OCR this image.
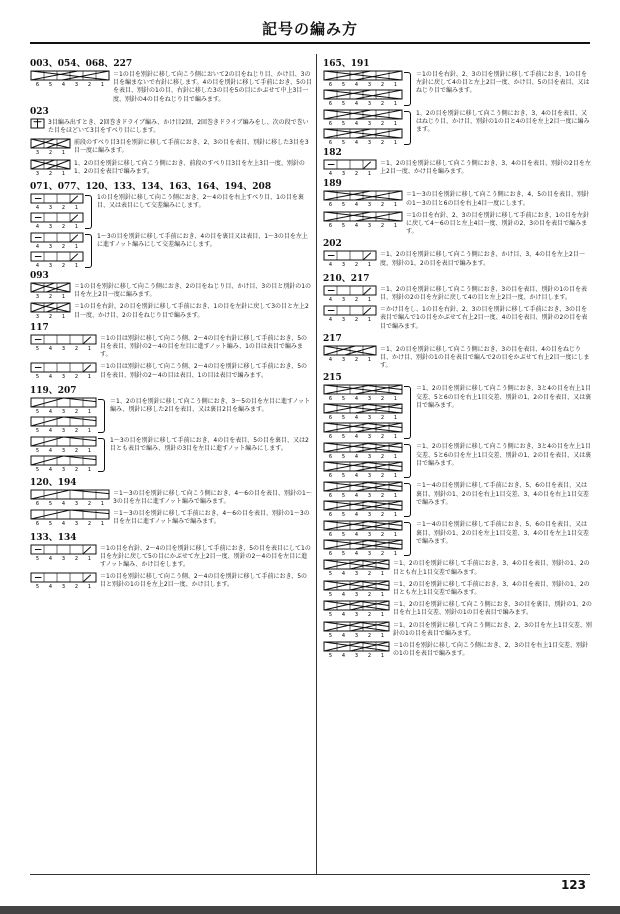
記号の編み方
003、054、068、227
6 5 4 3 2 1
＝1の目を別針に移して向こう側において2の目をねじり目、かけ目、3の目を編まないで右針に移します。4の目を別針に移して手前におき、5の目を表目、別針の1の目、右針に移した3の目を5の目にかぶせて中上3目一度、別針の4の目をねじり目で編みます。
023
3目編み出すとき、2回巻きドライブ編み、かけ目2回、2回巻きドライブ編みをし、次の段で巻いた目をほどいて3目をすべり目にします。
3 2 1
前段のすべり目3目を別針に移して手前におき、2、3の目を表目、別針に移した3目を3目一度に編みます。
3 2 1
1、2の目を別針に移して向こう側におき、前段のすべり目3目を左上3目一度、別針の1、2の目を表目で編みます。
071、077、120、133、134、163、164、194、208
4 3 2 1
4 3 2 1
1の目を別針に移して向こう側におき、2〜4の目を右上すべり目、1の目を裏目、又は表目にして交差編みにします。
4 3 2 1
4 3 2 1
1〜3の目を別針に移して手前におき、4の目を裏目又は表目、1〜3の目を左上に進すノット編みにして交差編みにします。
093
3 2 1
＝1の目を別針に移して向こう側におき、2の目をねじり目、かけ目、3の目と別針の1の目を左上2目一度に編みます。
3 2 1
＝1の目を右針、2の目を別針に移して手前におき、1の目を左針に戻して3の目と左上2目一度、かけ目、2の目をねじり目で編みます。
117
5 4 3 2 1
＝1の目は別針に移して向こう側、2〜4の目を右針に移して手前におき、5の目を表目、別針の2〜4の目を左目に進すノット編み、1の目は表目で編みます。
5 4 3 2 1
＝1の目は別針に移して向こう側、2〜4の目を別針に移して手前におき、5の目を表目、別針の2〜4の目は表目、1の目は表目で編みます。
119、207
5 4 3 2 1
5 4 3 2 1
＝1、2の目を別針に移して向こう側におき、3〜5の目を左目に進すノット編み、別針に移した2目を表目、又は裏目2目を編みます。
5 4 3 2 1
5 4 3 2 1
1〜3の目を別針に移して手前におき、4の目を表目、5の目を裏目、又は2目とも表目で編み、別針の3目を左目に進すノット編みにします。
120、194
6 5 4 3 2 1
＝1〜3の目を別針に移して向こう側におき、4〜6の目を表目、別針の1〜3の目を左目に進すノット編みで編みます。
6 5 4 3 2 1
＝1〜3の目を別針に移して手前におき、4〜6の目を表目、別針の1〜3の目を左目に進すノット編みで編みます。
133、134
5 4 3 2 1
＝1の目を右針、2〜4の目を別針に移して手前におき、5の目を表目にして1の目を左針に戻して5の目にかぶせて左上2目一度、別針の2〜4の目を左目に進すノット編み、かけ目をします。
5 4 3 2 1
＝1の目を別針に移して向こう側、2〜4の目を別針に移して手前におき、5の目と別針の1の目を左上2目一度、かけ目します。
165、191
6 5 4 3 2 1
6 5 4 3 2 1
＝1の目を右針、2、3の目を別針に移して手前におき、1の目を左針に戻して4の目と左上2目一度、かけ目、5の目を表目、又はねじり目で編みます。
6 5 4 3 2 1
6 5 4 3 2 1
1、2の目を別針に移して向こう側におき、3、4の目を表目、又はねじり目、かけ目、別針の1の目と4の目を左上2目一度に編みます。
182
4 3 2 1
＝1、2の目を別針に移して向こう側におき、3、4の目を表目、別針の2目を左上2目一度、かけ目を編みます。
189
6 5 4 3 2 1
＝1〜3の目を別針に移して向こう側におき、4、5の目を表目、別針の1〜3の目と6の目を右上4目一度にします。
6 5 4 3 2 1
＝1の目を右針、2、3の目を別針に移して手前におき、1の目を左針に戻して4〜6の目と左上4目一度、別針の2、3の目を表目で編みます。
202
4 3 2 1
＝1、2の目を別針に移して向こう側におき、かけ目、3、4の目を左上2目一度、別針の1、2の目を表目で編みます。
210、217
4 3 2 1
＝1、2の目を別針に移して向こう側におき、3の目を表目、別針の1の目を表目、別針の2の目を左針に戻して4の目と左上2目一度、かけ目します。
4 3 2 1
＝かけ目をし、1の目を右針、2、3の目を別針に移して手前におき、3の目を表目で編んで1の目をかぶせて右上2目一度、4の目を表目、別針の2の目を表目で編みます。
217
4 3 2 1
＝1、2の目を別針に移して向こう側におき、3の目を表目、4の目をねじり目、かけ目、別針の1の目を表目で編んで2の目をかぶせて右上2目一度にします。
215
6 5 4 3 2 1
6 5 4 3 2 1
6 5 4 3 2 1
＝1、2の目を別針に移して向こう側におき、3と4の目を右上1目交差、5と6の目を右上1目交差、別針の1、2の目を表目、又は裏目で編みます。
6 5 4 3 2 1
6 5 4 3 2 1
＝1、2の目を別針に移して向こう側におき、3と4の目を左上1目交差、5と6の目を左上1目交差、別針の1、2の目を表目、又は裏目で編みます。
6 5 4 3 2 1
6 5 4 3 2 1
＝1〜4の目を別針に移して手前におき、5、6の目を表目、又は裏目、別針の1、2の目を右上1目交差、3、4の目を右上1目交差で編みます。
6 5 4 3 2 1
6 5 4 3 2 1
＝1〜4の目を別針に移して手前におき、5、6の目を表目、又は裏目、別針の1、2の目を左上1目交差、3、4の目を左上1目交差で編みます。
5 4 3 2 1
＝1、2の目を別針に移して手前におき、3、4の目を表目、別針の1、2の目とも右上1目交差で編みます。
5 4 3 2 1
＝1、2の目を別針に移して手前におき、3、4の目を表目、別針の1、2の目とも左上1目交差で編みます。
5 4 3 2 1
＝1、2の目を別針に移して向こう側におき、3の目を裏目、別針の1、2の目を右上1目交差、別針の1の目を表目で編みます。
5 4 3 2 1
＝1、2の目を別針に移して向こう側におき、2、3の目を左上1目交差、別針の1の目を表目で編みます。
5 4 3 2 1
＝1の目を別針に移して向こう側におき、2、3の目を右上1目交差、別針の1の目を表目で編みます。
123
